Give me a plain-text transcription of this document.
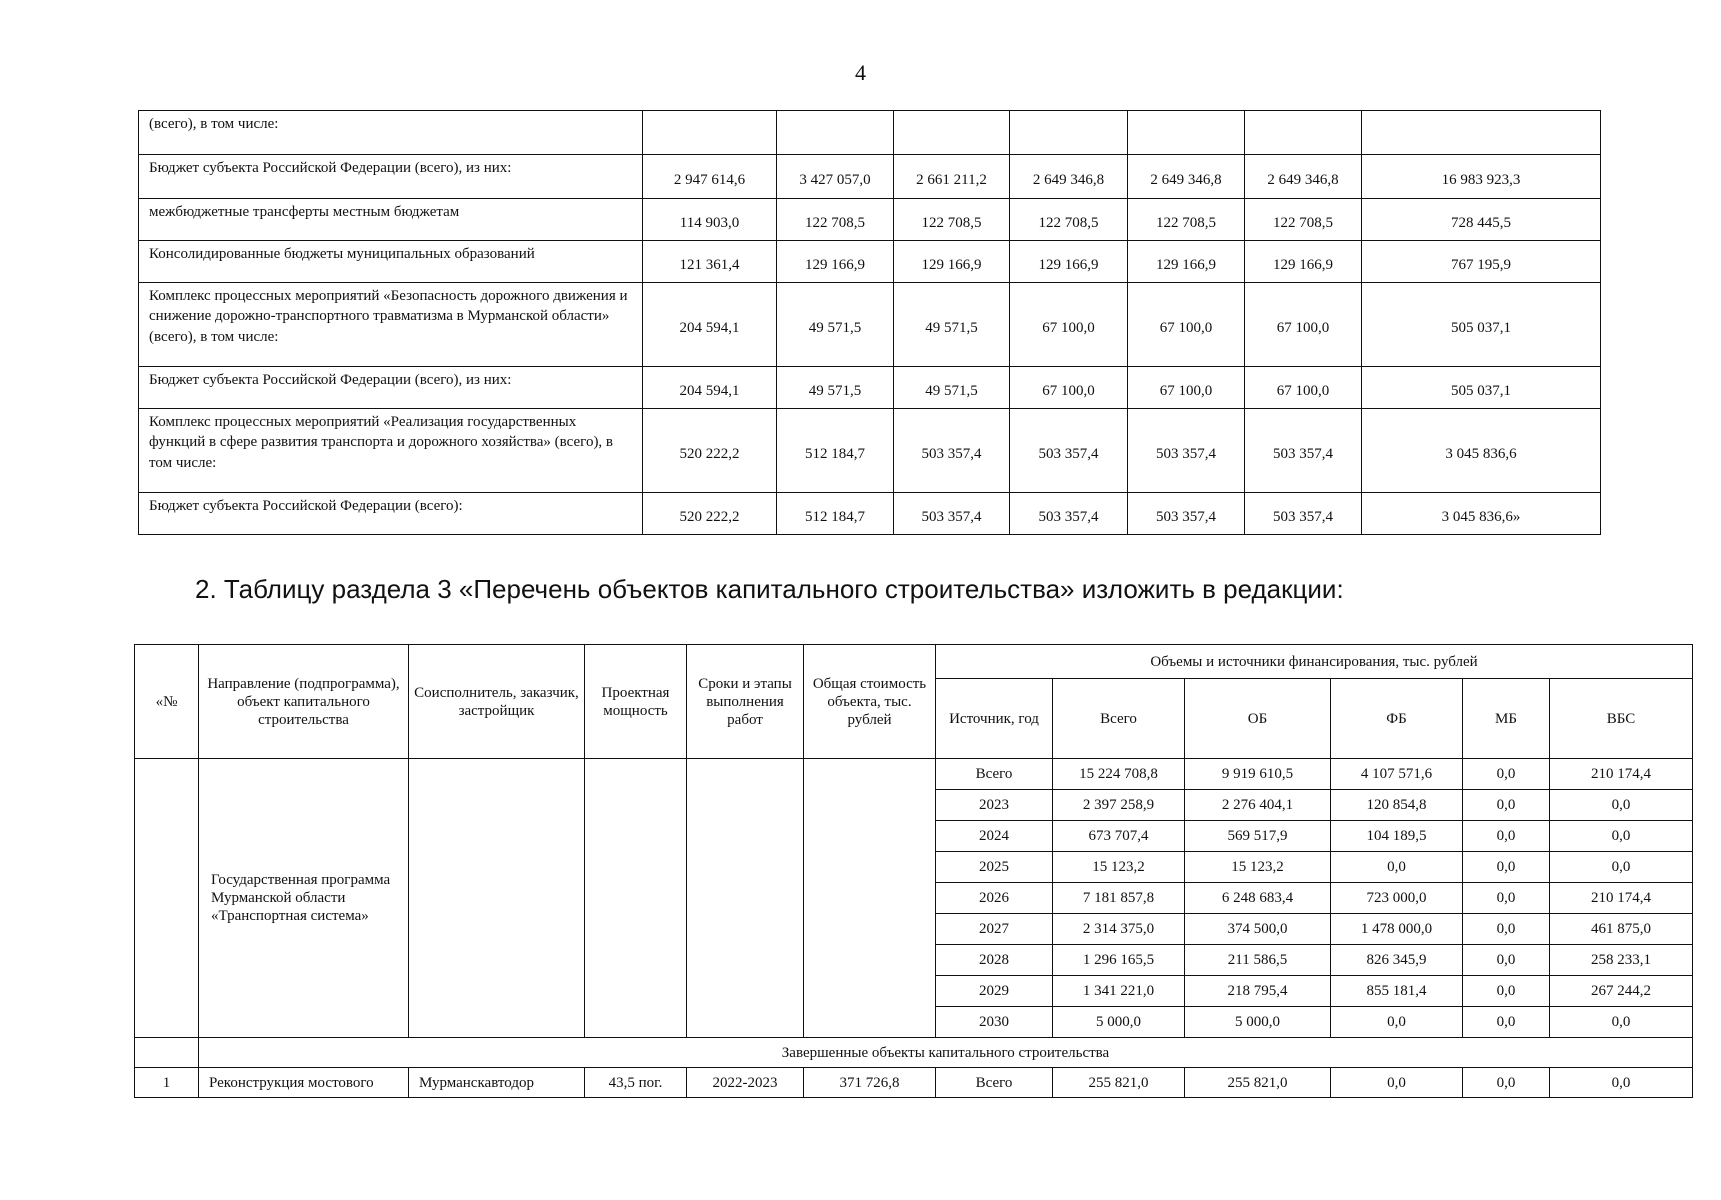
4
(всего), в том числе:							
Бюджет субъекта Российской Федерации (всего), из них:	2 947 614,6	3 427 057,0	2 661 211,2	2 649 346,8	2 649 346,8	2 649 346,8	16 983 923,3
межбюджетные трансферты местным бюджетам	114 903,0	122 708,5	122 708,5	122 708,5	122 708,5	122 708,5	728 445,5
Консолидированные бюджеты муниципальных образований	121 361,4	129 166,9	129 166,9	129 166,9	129 166,9	129 166,9	767 195,9
Комплекс процессных мероприятий «Безопасность дорожного движения и снижение дорожно-транспортного травматизма в Мурманской области» (всего), в том числе:	204 594,1	49 571,5	49 571,5	67 100,0	67 100,0	67 100,0	505 037,1
Бюджет субъекта Российской Федерации (всего), из них:	204 594,1	49 571,5	49 571,5	67 100,0	67 100,0	67 100,0	505 037,1
Комплекс процессных мероприятий «Реализация государственных функций в сфере развития транспорта и дорожного хозяйства» (всего), в том числе:	520 222,2	512 184,7	503 357,4	503 357,4	503 357,4	503 357,4	3 045 836,6
Бюджет субъекта Российской Федерации (всего):	520 222,2	512 184,7	503 357,4	503 357,4	503 357,4	503 357,4	3 045 836,6»
2. Таблицу раздела 3 «Перечень объектов капитального строительства» изложить в редакции:
«№	Направление (подпрограмма), объект капитального строительства	Соисполнитель, заказчик, застройщик	Проектная мощность	Сроки и этапы выполнения работ	Общая стоимость объекта, тыс. рублей	Объемы и источники финансирования, тыс. рублей					
						Источник, год	Всего	ОБ	ФБ	МБ	ВБС
	Государственная программа Мурманской области «Транспортная система»					Всего	15 224 708,8	9 919 610,5	4 107 571,6	0,0	210 174,4
						2023	2 397 258,9	2 276 404,1	120 854,8	0,0	0,0
						2024	673 707,4	569 517,9	104 189,5	0,0	0,0
						2025	15 123,2	15 123,2	0,0	0,0	0,0
						2026	7 181 857,8	6 248 683,4	723 000,0	0,0	210 174,4
						2027	2 314 375,0	374 500,0	1 478 000,0	0,0	461 875,0
						2028	1 296 165,5	211 586,5	826 345,9	0,0	258 233,1
						2029	1 341 221,0	218 795,4	855 181,4	0,0	267 244,2
						2030	5 000,0	5 000,0	0,0	0,0	0,0
	Завершенные объекты капитального строительства										
1	Реконструкция мостового	Мурманскавтодор	43,5 пог.	2022-2023	371 726,8	Всего	255 821,0	255 821,0	0,0	0,0	0,0
